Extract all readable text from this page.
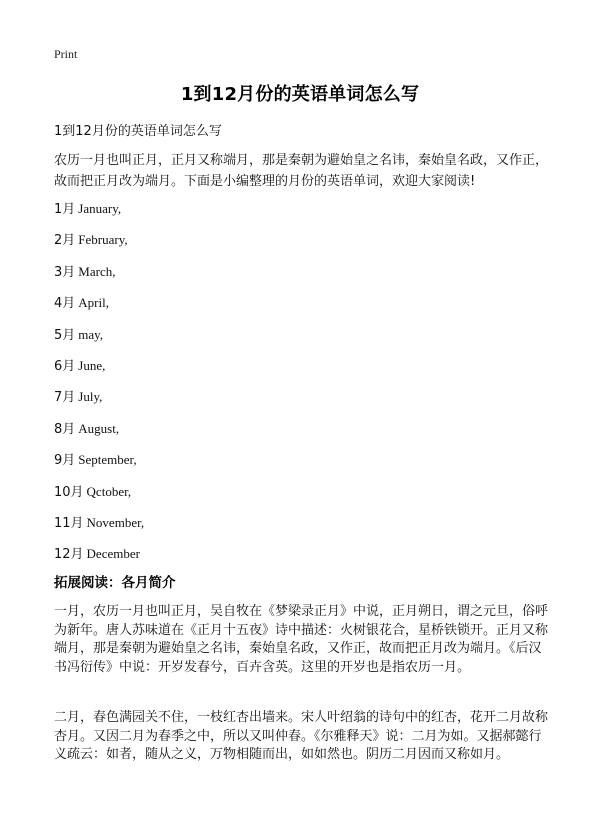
Print
1到12月份的英语单词怎么写
1到12月份的英语单词怎么写
农历一月也叫正月，正月又称端月，那是秦朝为避始皇之名讳，秦始皇名政，又作正，故而把正月改为端月。下面是小编整理的月份的英语单词，欢迎大家阅读!
1月 January,
2月 February,
3月 March,
4月 April,
5月 may,
6月 June,
7月 July,
8月 August,
9月 September,
10月 Qctober,
11月 November,
12月 December
拓展阅读：各月简介
一月，农历一月也叫正月，吴自牧在《梦梁录正月》中说，正月朔日，谓之元旦，俗呼为新年。唐人苏味道在《正月十五夜》诗中描述：火树银花合，星桥铁锁开。正月又称端月，那是秦朝为避始皇之名讳，秦始皇名政，又作正，故而把正月改为端月。《后汉书冯衍传》中说：开岁发春兮，百卉含英。这里的开岁也是指农历一月。
二月，春色满园关不住，一枝红杏出墙来。宋人叶绍翁的诗句中的红杏，花开二月故称杏月。又因二月为春季之中，所以又叫仲春。《尔雅释天》说：二月为如。又据郝懿行义疏云：如者，随从之义，万物相随而出，如如然也。阴历二月因而又称如月。
